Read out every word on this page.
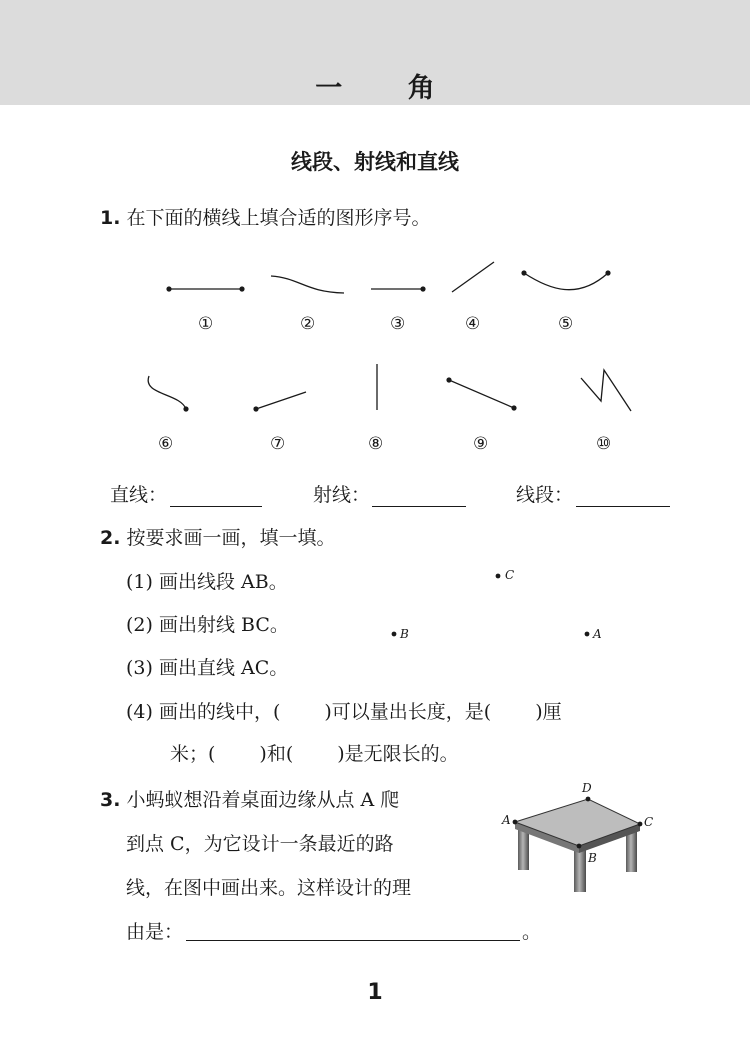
一 角
线段、射线和直线
1. 在下面的横线上填合适的图形序号。
①	②	③	④	⑤
⑥	⑦	⑧	⑨	⑩
直线：	射线：	线段：
2. 按要求画一画，填一填。
(1) 画出线段 AB。
(2) 画出射线 BC。
(3) 画出直线 AC。
(4) 画出的线中，( )可以量出长度，是( )厘
米；( )和( )是无限长的。
C
B	A
3. 小蚂蚁想沿着桌面边缘从点 A 爬
到点 C，为它设计一条最近的路
线，在图中画出来。这样设计的理
由是：	。
A
D
C
B
1
